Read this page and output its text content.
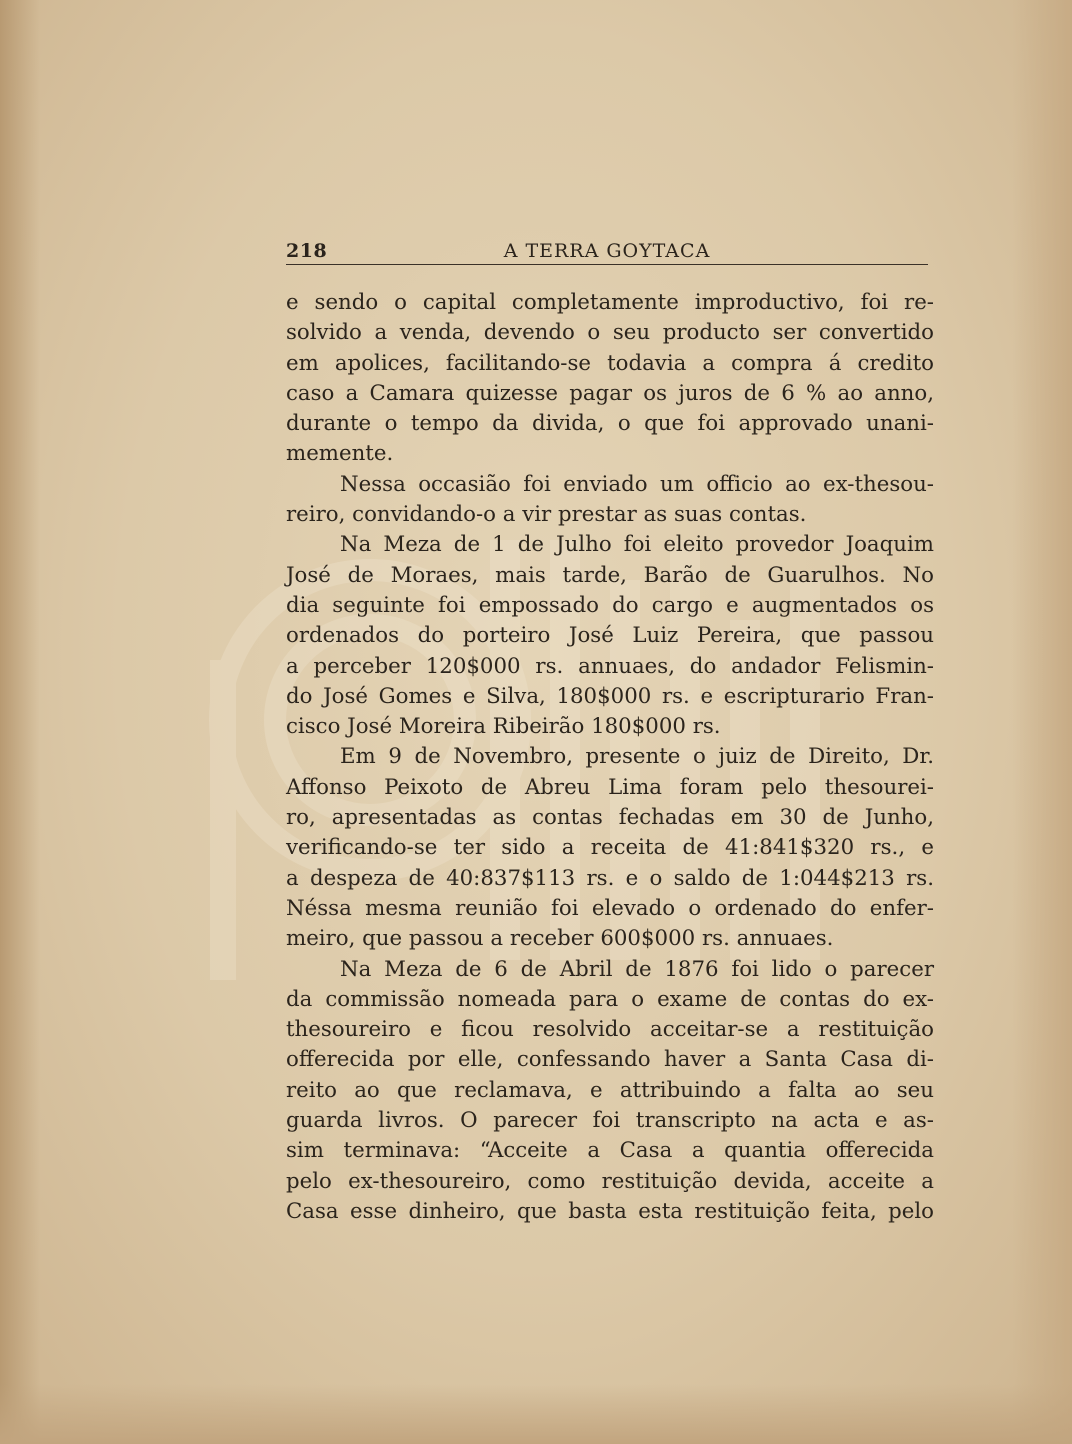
218	A TERRA GOYTACA
e sendo o capital completamente improductivo, foi re-
solvido a venda, devendo o seu producto ser convertido
em apolices, facilitando-se todavia a compra á credito
caso a Camara quizesse pagar os juros de 6 % ao anno,
durante o tempo da divida, o que foi approvado unani-
memente.
Nessa occasião foi enviado um officio ao ex-thesou-
reiro, convidando-o a vir prestar as suas contas.
Na Meza de 1 de Julho foi eleito provedor Joaquim
José de Moraes, mais tarde, Barão de Guarulhos. No
dia seguinte foi empossado do cargo e augmentados os
ordenados do porteiro José Luiz Pereira, que passou
a perceber 120$000 rs. annuaes, do andador Felismin-
do José Gomes e Silva, 180$000 rs. e escripturario Fran-
cisco José Moreira Ribeirão 180$000 rs.
Em 9 de Novembro, presente o juiz de Direito, Dr.
Affonso Peixoto de Abreu Lima foram pelo thesourei-
ro, apresentadas as contas fechadas em 30 de Junho,
verificando-se ter sido a receita de 41:841$320 rs., e
a despeza de 40:837$113 rs. e o saldo de 1:044$213 rs.
Néssa mesma reunião foi elevado o ordenado do enfer-
meiro, que passou a receber 600$000 rs. annuaes.
Na Meza de 6 de Abril de 1876 foi lido o parecer
da commissão nomeada para o exame de contas do ex-
thesoureiro e ficou resolvido acceitar-se a restituição
offerecida por elle, confessando haver a Santa Casa di-
reito ao que reclamava, e attribuindo a falta ao seu
guarda livros. O parecer foi transcripto na acta e as-
sim terminava: “Acceite a Casa a quantia offerecida
pelo ex-thesoureiro, como restituição devida, acceite a
Casa esse dinheiro, que basta esta restituição feita, pelo
